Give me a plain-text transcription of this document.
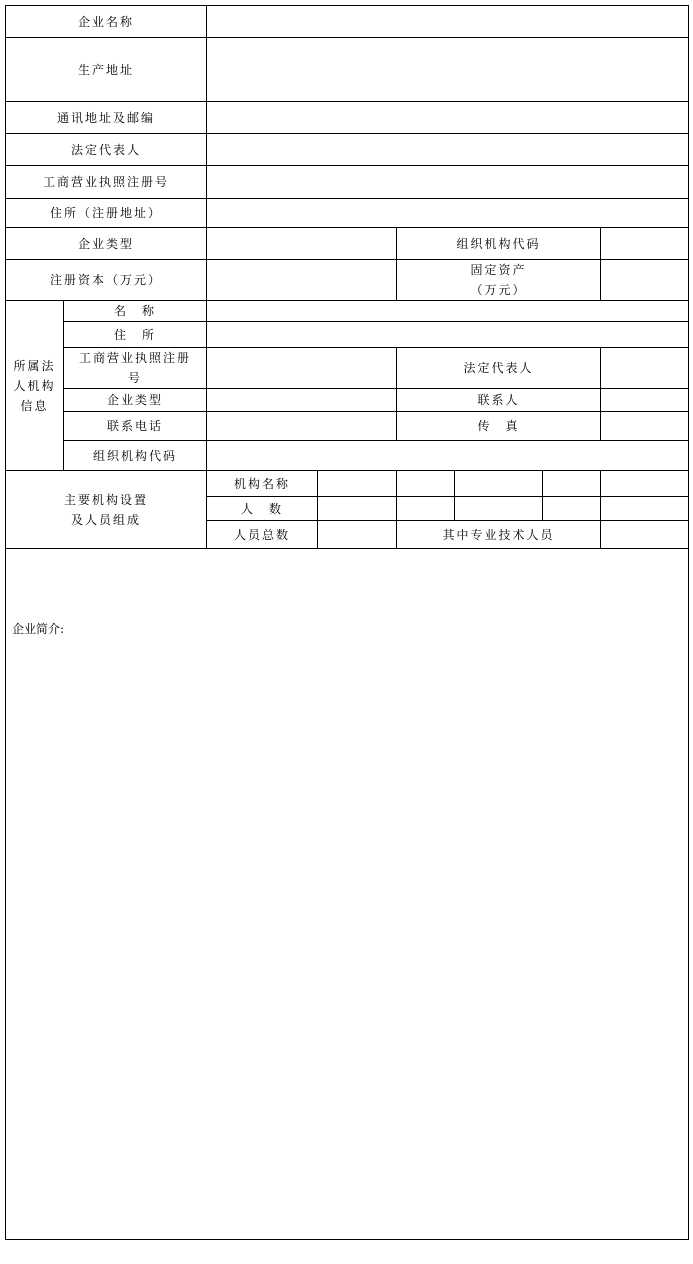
企业名称							
生产地址							
通讯地址及邮编							
法定代表人							
工商营业执照注册号							
住所（注册地址）							
企业类型				组织机构代码			
注册资本（万元）				固定资产
（万元）			
所属法
人机构
信息	名　称						
	住　所						
	工商营业执照注册
号			法定代表人			
	企业类型			联系人			
	联系电话			传　真			
	组织机构代码						

主要机构设置
及人员组成		机构名称					
		人　数					
		人员总数		其中专业技术人员			
企业简介:							
